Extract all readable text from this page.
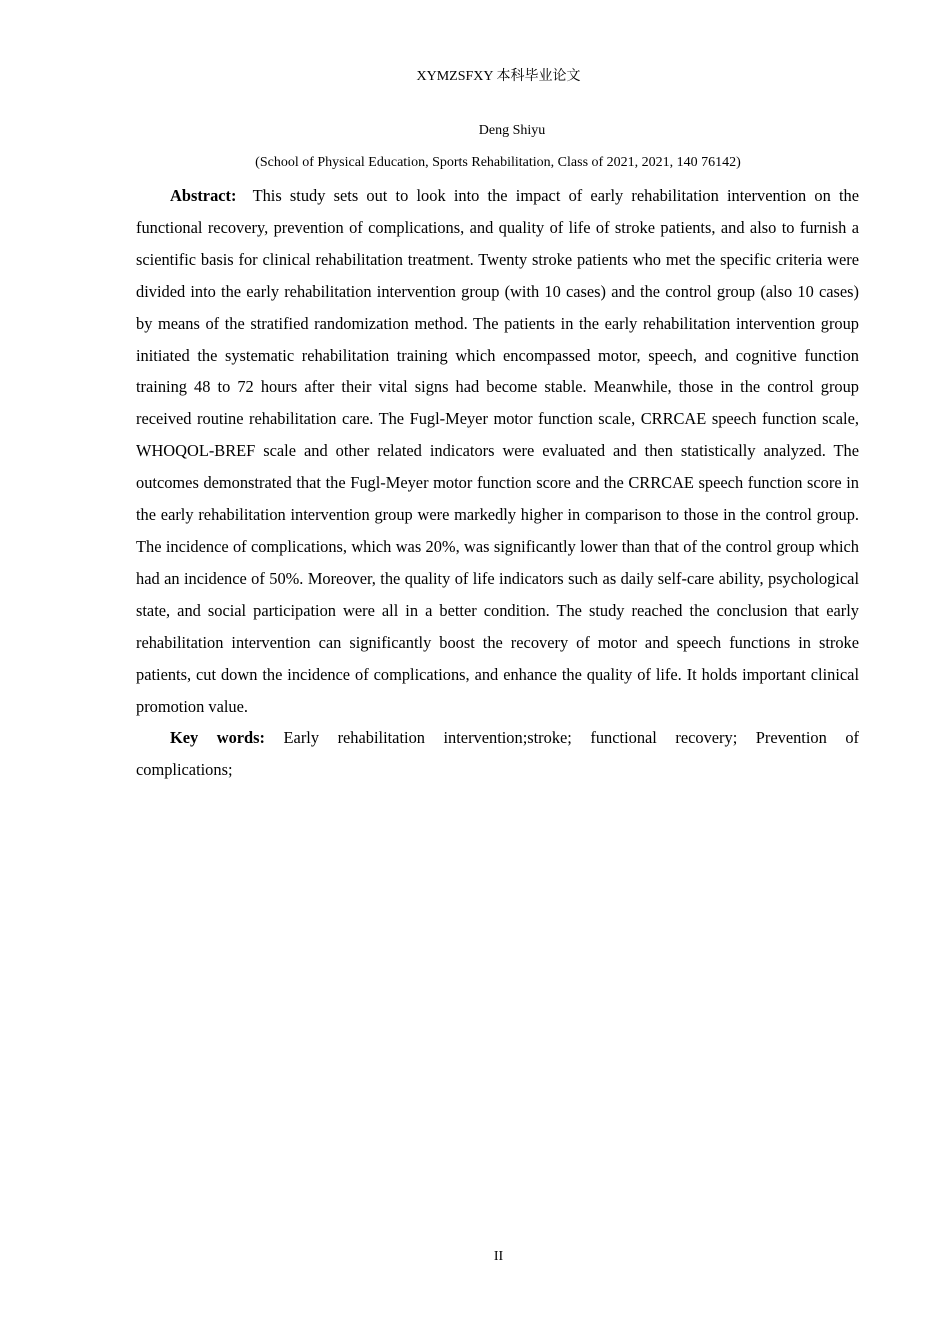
XYMZSFXY 本科毕业论文
Deng Shiyu
(School of Physical Education, Sports Rehabilitation, Class of 2021, 2021, 140 76142)

Abstract: This study sets out to look into the impact of early rehabilitation intervention on the functional recovery, prevention of complications, and quality of life of stroke patients, and also to furnish a scientific basis for clinical rehabilitation treatment. Twenty stroke patients who met the specific criteria were divided into the early rehabilitation intervention group (with 10 cases) and the control group (also 10 cases) by means of the stratified randomization method. The patients in the early rehabilitation intervention group initiated the systematic rehabilitation training which encompassed motor, speech, and cognitive function training 48 to 72 hours after their vital signs had become stable. Meanwhile, those in the control group received routine rehabilitation care. The Fugl-Meyer motor function scale, CRRCAE speech function scale, WHOQOL-BREF scale and other related indicators were evaluated and then statistically analyzed. The outcomes demonstrated that the Fugl-Meyer motor function score and the CRRCAE speech function score in the early rehabilitation intervention group were markedly higher in comparison to those in the control group. The incidence of complications, which was 20%, was significantly lower than that of the control group which had an incidence of 50%. Moreover, the quality of life indicators such as daily self-care ability, psychological state, and social participation were all in a better condition. The study reached the conclusion that early rehabilitation intervention can significantly boost the recovery of motor and speech functions in stroke patients, cut down the incidence of complications, and enhance the quality of life. It holds important clinical promotion value.

Key words: Early rehabilitation intervention;stroke; functional recovery; Prevention of complications;

II
